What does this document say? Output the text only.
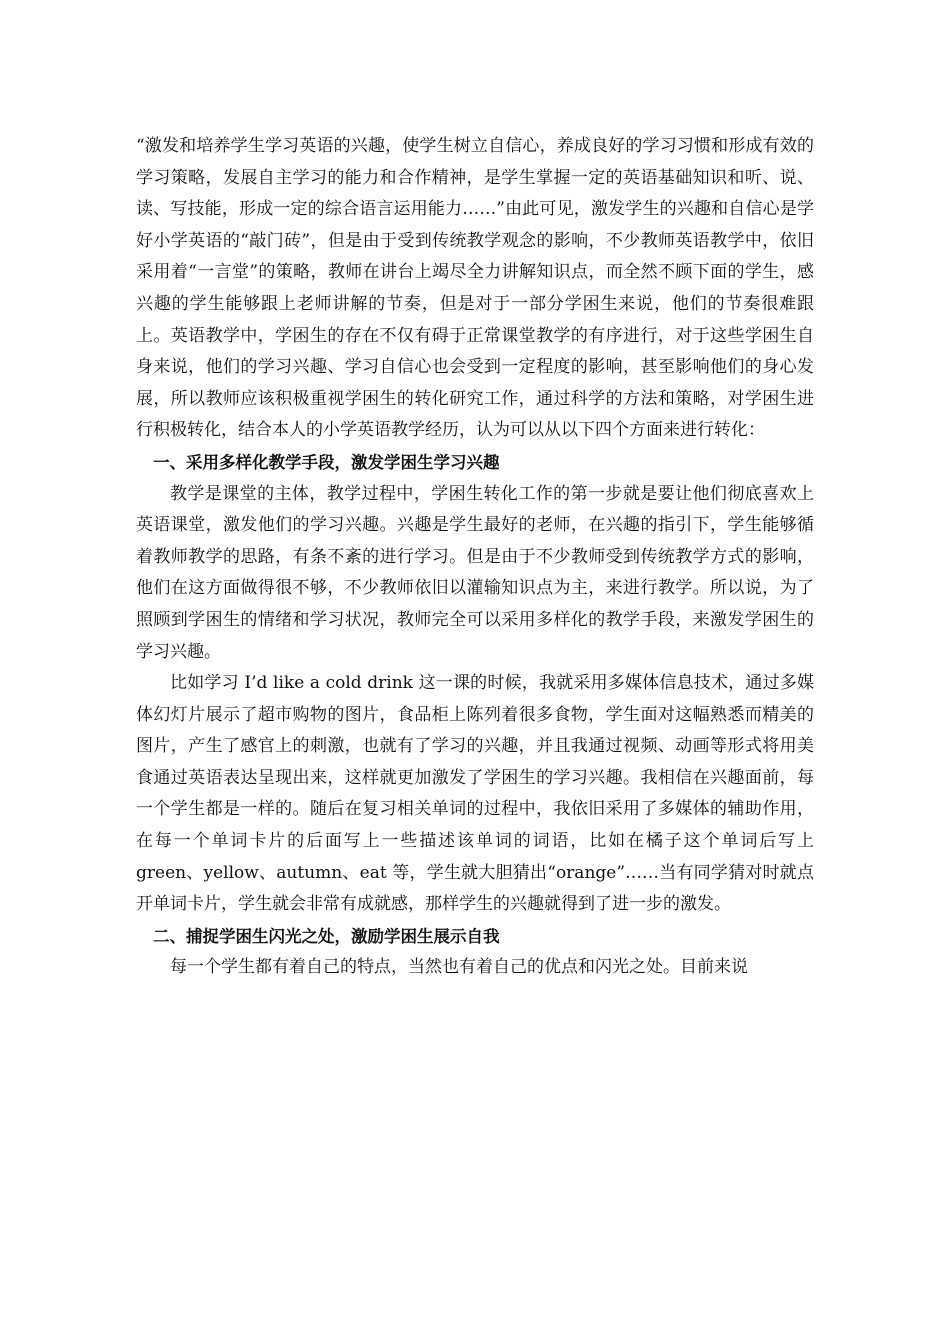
“激发和培养学生学习英语的兴趣，使学生树立自信心，养成良好的学习习惯和形成有效的学习策略，发展自主学习的能力和合作精神，是学生掌握一定的英语基础知识和听、说、读、写技能，形成一定的综合语言运用能力……”由此可见，激发学生的兴趣和自信心是学好小学英语的“敲门砖”，但是由于受到传统教学观念的影响，不少教师英语教学中，依旧采用着“一言堂”的策略，教师在讲台上竭尽全力讲解知识点，而全然不顾下面的学生，感兴趣的学生能够跟上老师讲解的节奏，但是对于一部分学困生来说，他们的节奏很难跟上。英语教学中，学困生的存在不仅有碍于正常课堂教学的有序进行，对于这些学困生自身来说，他们的学习兴趣、学习自信心也会受到一定程度的影响，甚至影响他们的身心发展，所以教师应该积极重视学困生的转化研究工作，通过科学的方法和策略，对学困生进行积极转化，结合本人的小学英语教学经历，认为可以从以下四个方面来进行转化：

一、采用多样化教学手段，激发学困生学习兴趣

教学是课堂的主体，教学过程中，学困生转化工作的第一步就是要让他们彻底喜欢上英语课堂，激发他们的学习兴趣。兴趣是学生最好的老师，在兴趣的指引下，学生能够循着教师教学的思路，有条不紊的进行学习。但是由于不少教师受到传统教学方式的影响，他们在这方面做得很不够，不少教师依旧以灌输知识点为主，来进行教学。所以说，为了照顾到学困生的情绪和学习状况，教师完全可以采用多样化的教学手段，来激发学困生的学习兴趣。

比如学习 I’d like a cold drink 这一课的时候，我就采用多媒体信息技术，通过多媒体幻灯片展示了超市购物的图片，食品柜上陈列着很多食物，学生面对这幅熟悉而精美的图片，产生了感官上的刺激，也就有了学习的兴趣，并且我通过视频、动画等形式将用美食通过英语表达呈现出来，这样就更加激发了学困生的学习兴趣。我相信在兴趣面前，每一个学生都是一样的。随后在复习相关单词的过程中，我依旧采用了多媒体的辅助作用，在每一个单词卡片的后面写上一些描述该单词的词语，比如在橘子这个单词后写上 green、yellow、autumn、eat 等，学生就大胆猜出“orange”……当有同学猜对时就点开单词卡片，学生就会非常有成就感，那样学生的兴趣就得到了进一步的激发。

二、捕捉学困生闪光之处，激励学困生展示自我

每一个学生都有着自己的特点，当然也有着自己的优点和闪光之处。目前来说
